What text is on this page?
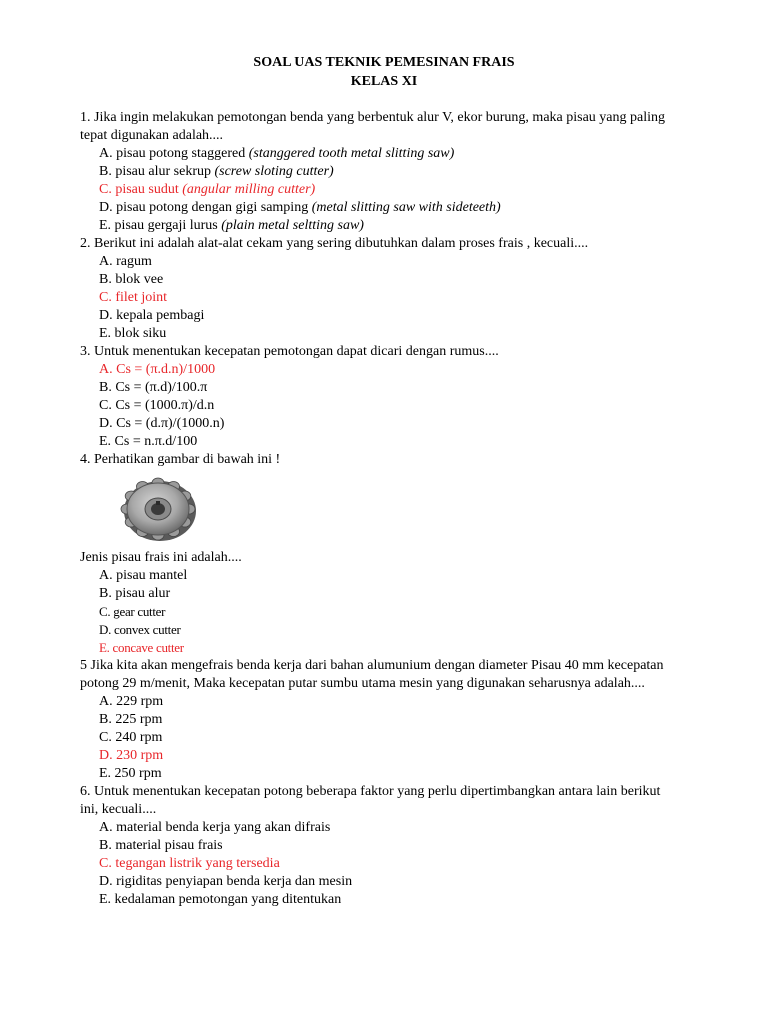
SOAL UAS TEKNIK PEMESINAN FRAIS
KELAS XI

1. Jika ingin melakukan pemotongan benda yang berbentuk alur V, ekor burung, maka pisau yang paling

tepat digunakan adalah....

A. pisau potong staggered (stanggered tooth metal slitting saw)

B. pisau alur sekrup (screw sloting cutter)

C. pisau sudut (angular milling cutter)

D. pisau potong dengan gigi samping (metal slitting saw with sideteeth)

E. pisau gergaji lurus (plain metal seltting saw)

2. Berikut ini adalah alat-alat cekam yang sering dibutuhkan dalam proses frais , kecuali....

A. ragum

B. blok vee

C. filet joint

D. kepala pembagi

E. blok siku

3. Untuk menentukan kecepatan pemotongan dapat dicari dengan rumus....

A. Cs = (π.d.n)/1000

B. Cs = (π.d)/100.π

C. Cs = (1000.π)/d.n

D. Cs = (d.π)/(1000.n)

E. Cs = n.π.d/100

4. Perhatikan gambar di bawah ini !

Jenis pisau frais ini adalah....

A. pisau mantel

B. pisau alur

C. gear cutter

D. convex cutter

E. concave cutter

5 Jika kita akan mengefrais benda kerja dari bahan alumunium dengan diameter Pisau 40 mm kecepatan

potong 29 m/menit, Maka kecepatan putar sumbu utama mesin yang digunakan seharusnya adalah....

A. 229 rpm

B. 225 rpm

C. 240 rpm

D. 230 rpm

E. 250 rpm

6. Untuk menentukan kecepatan potong beberapa faktor yang perlu dipertimbangkan antara lain berikut

ini, kecuali....

A. material benda kerja yang akan difrais

B. material pisau frais

C. tegangan listrik yang tersedia

D. rigiditas penyiapan benda kerja dan mesin

E. kedalaman pemotongan yang ditentukan
